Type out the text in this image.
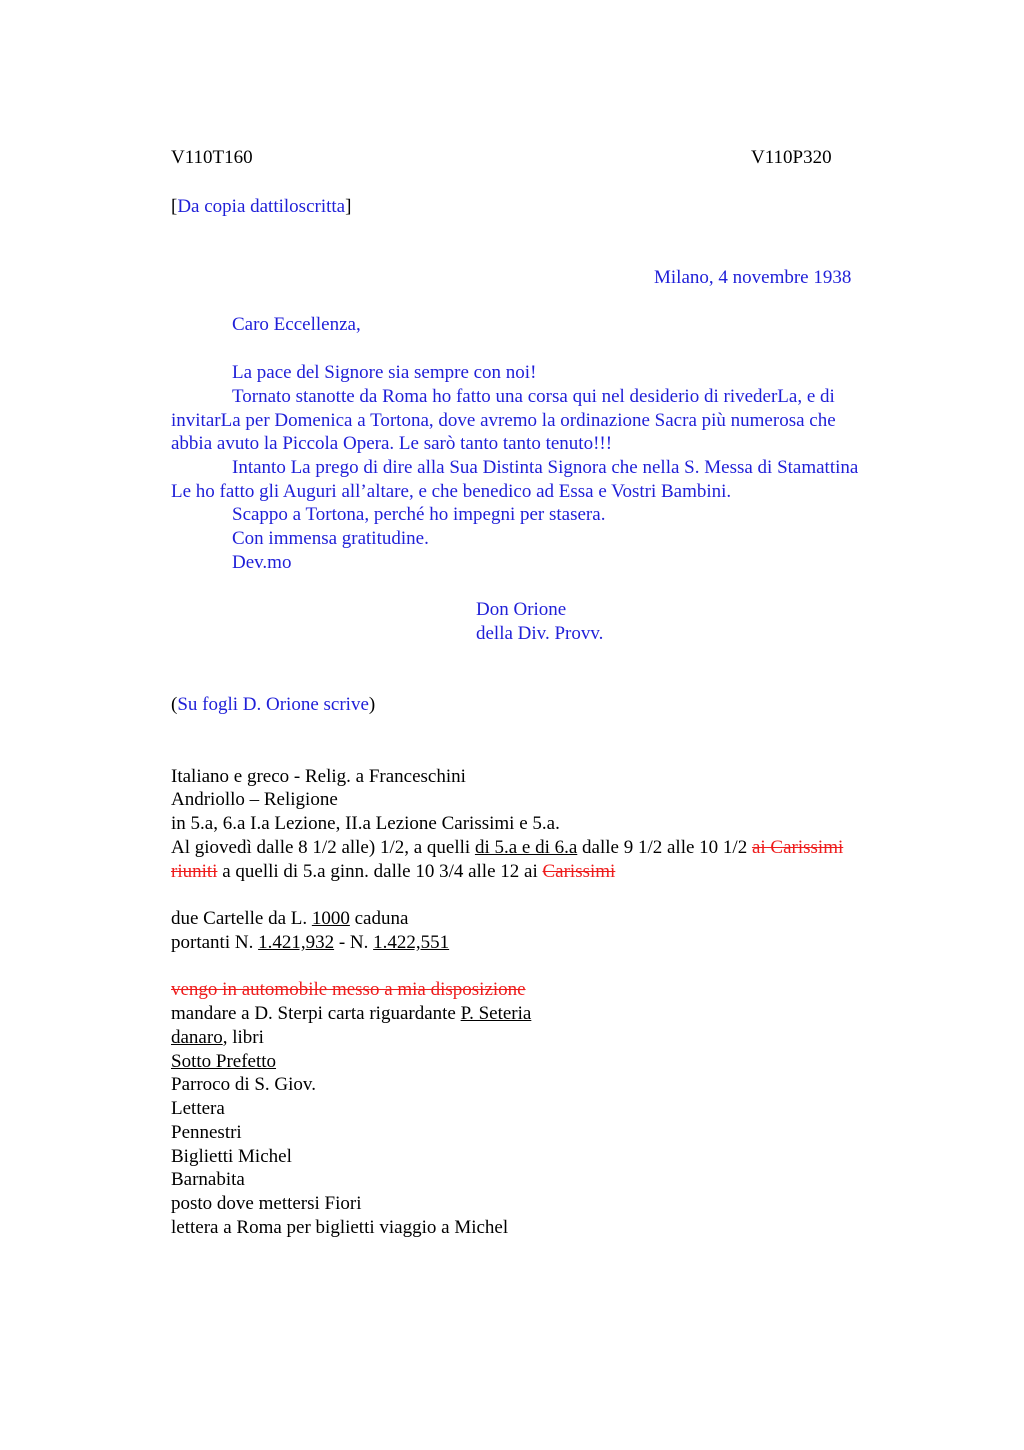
V110T160	V110P320
[Da copia dattiloscritta]
Milano, 4 novembre 1938
Caro Eccellenza,
La pace del Signore sia sempre con noi!
Tornato stanotte da Roma ho fatto una corsa qui nel desiderio di rivederLa, e di
invitarLa per Domenica a Tortona, dove avremo la ordinazione Sacra più numerosa che
abbia avuto la Piccola Opera. Le sarò tanto tanto tenuto!!!
Intanto La prego di dire alla Sua Distinta Signora che nella S. Messa di Stamattina
Le ho fatto gli Auguri all’altare, e che benedico ad Essa e Vostri Bambini.
Scappo a Tortona, perché ho impegni per stasera.
Con immensa gratitudine.
Dev.mo
Don Orione
della Div. Provv.
(Su fogli D. Orione scrive)
Italiano e greco - Relig. a Franceschini
Andriollo – Religione
in 5.a, 6.a I.a Lezione, II.a Lezione Carissimi e 5.a.
Al giovedì dalle 8 1/2 alle) 1/2, a quelli di 5.a e di 6.a dalle 9 1/2 alle 10 1/2 ai Carissimi
riuniti a quelli di 5.a ginn. dalle 10 3/4 alle 12 ai Carissimi
due Cartelle da L. 1000 caduna
portanti N. 1.421,932 - N. 1.422,551
vengo in automobile messo a mia disposizione
mandare a D. Sterpi carta riguardante P. Seteria
danaro, libri
Sotto Prefetto
Parroco di S. Giov.
Lettera
Pennestri
Biglietti Michel
Barnabita
posto dove mettersi Fiori
lettera a Roma per biglietti viaggio a Michel
